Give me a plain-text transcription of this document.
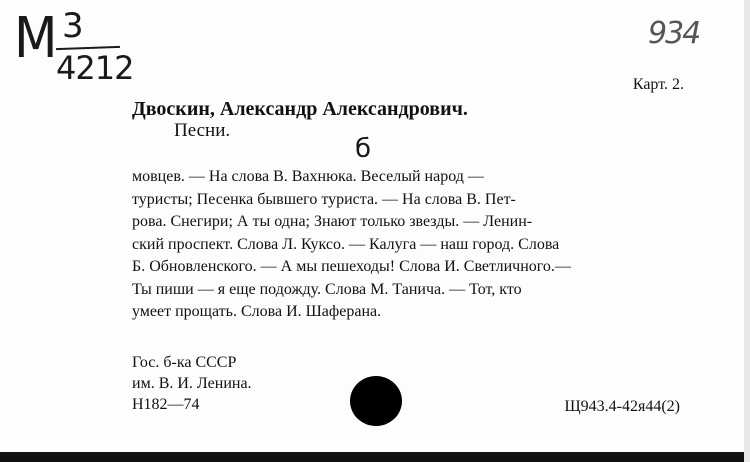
М 3
4212
934
Карт. 2.
Двоскин, Александр Александрович.
Песни.
б
мовцев. — На слова В. Вахнюка. Веселый народ —
туристы; Песенка бывшего туриста. — На слова В. Пет-
рова. Снегири; А ты одна; Знают только звезды. — Ленин-
ский проспект. Слова Л. Куксо. — Калуга — наш город. Слова
Б. Обновленского. — А мы пешеходы! Слова И. Светличного.—
Ты пиши — я еще подожду. Слова М. Танича. — Тот, кто
умеет прощать. Слова И. Шаферана.
Гос. б-ка СССР
им. В. И. Ленина.
Н182—74	Щ943.4-42я44(2)
